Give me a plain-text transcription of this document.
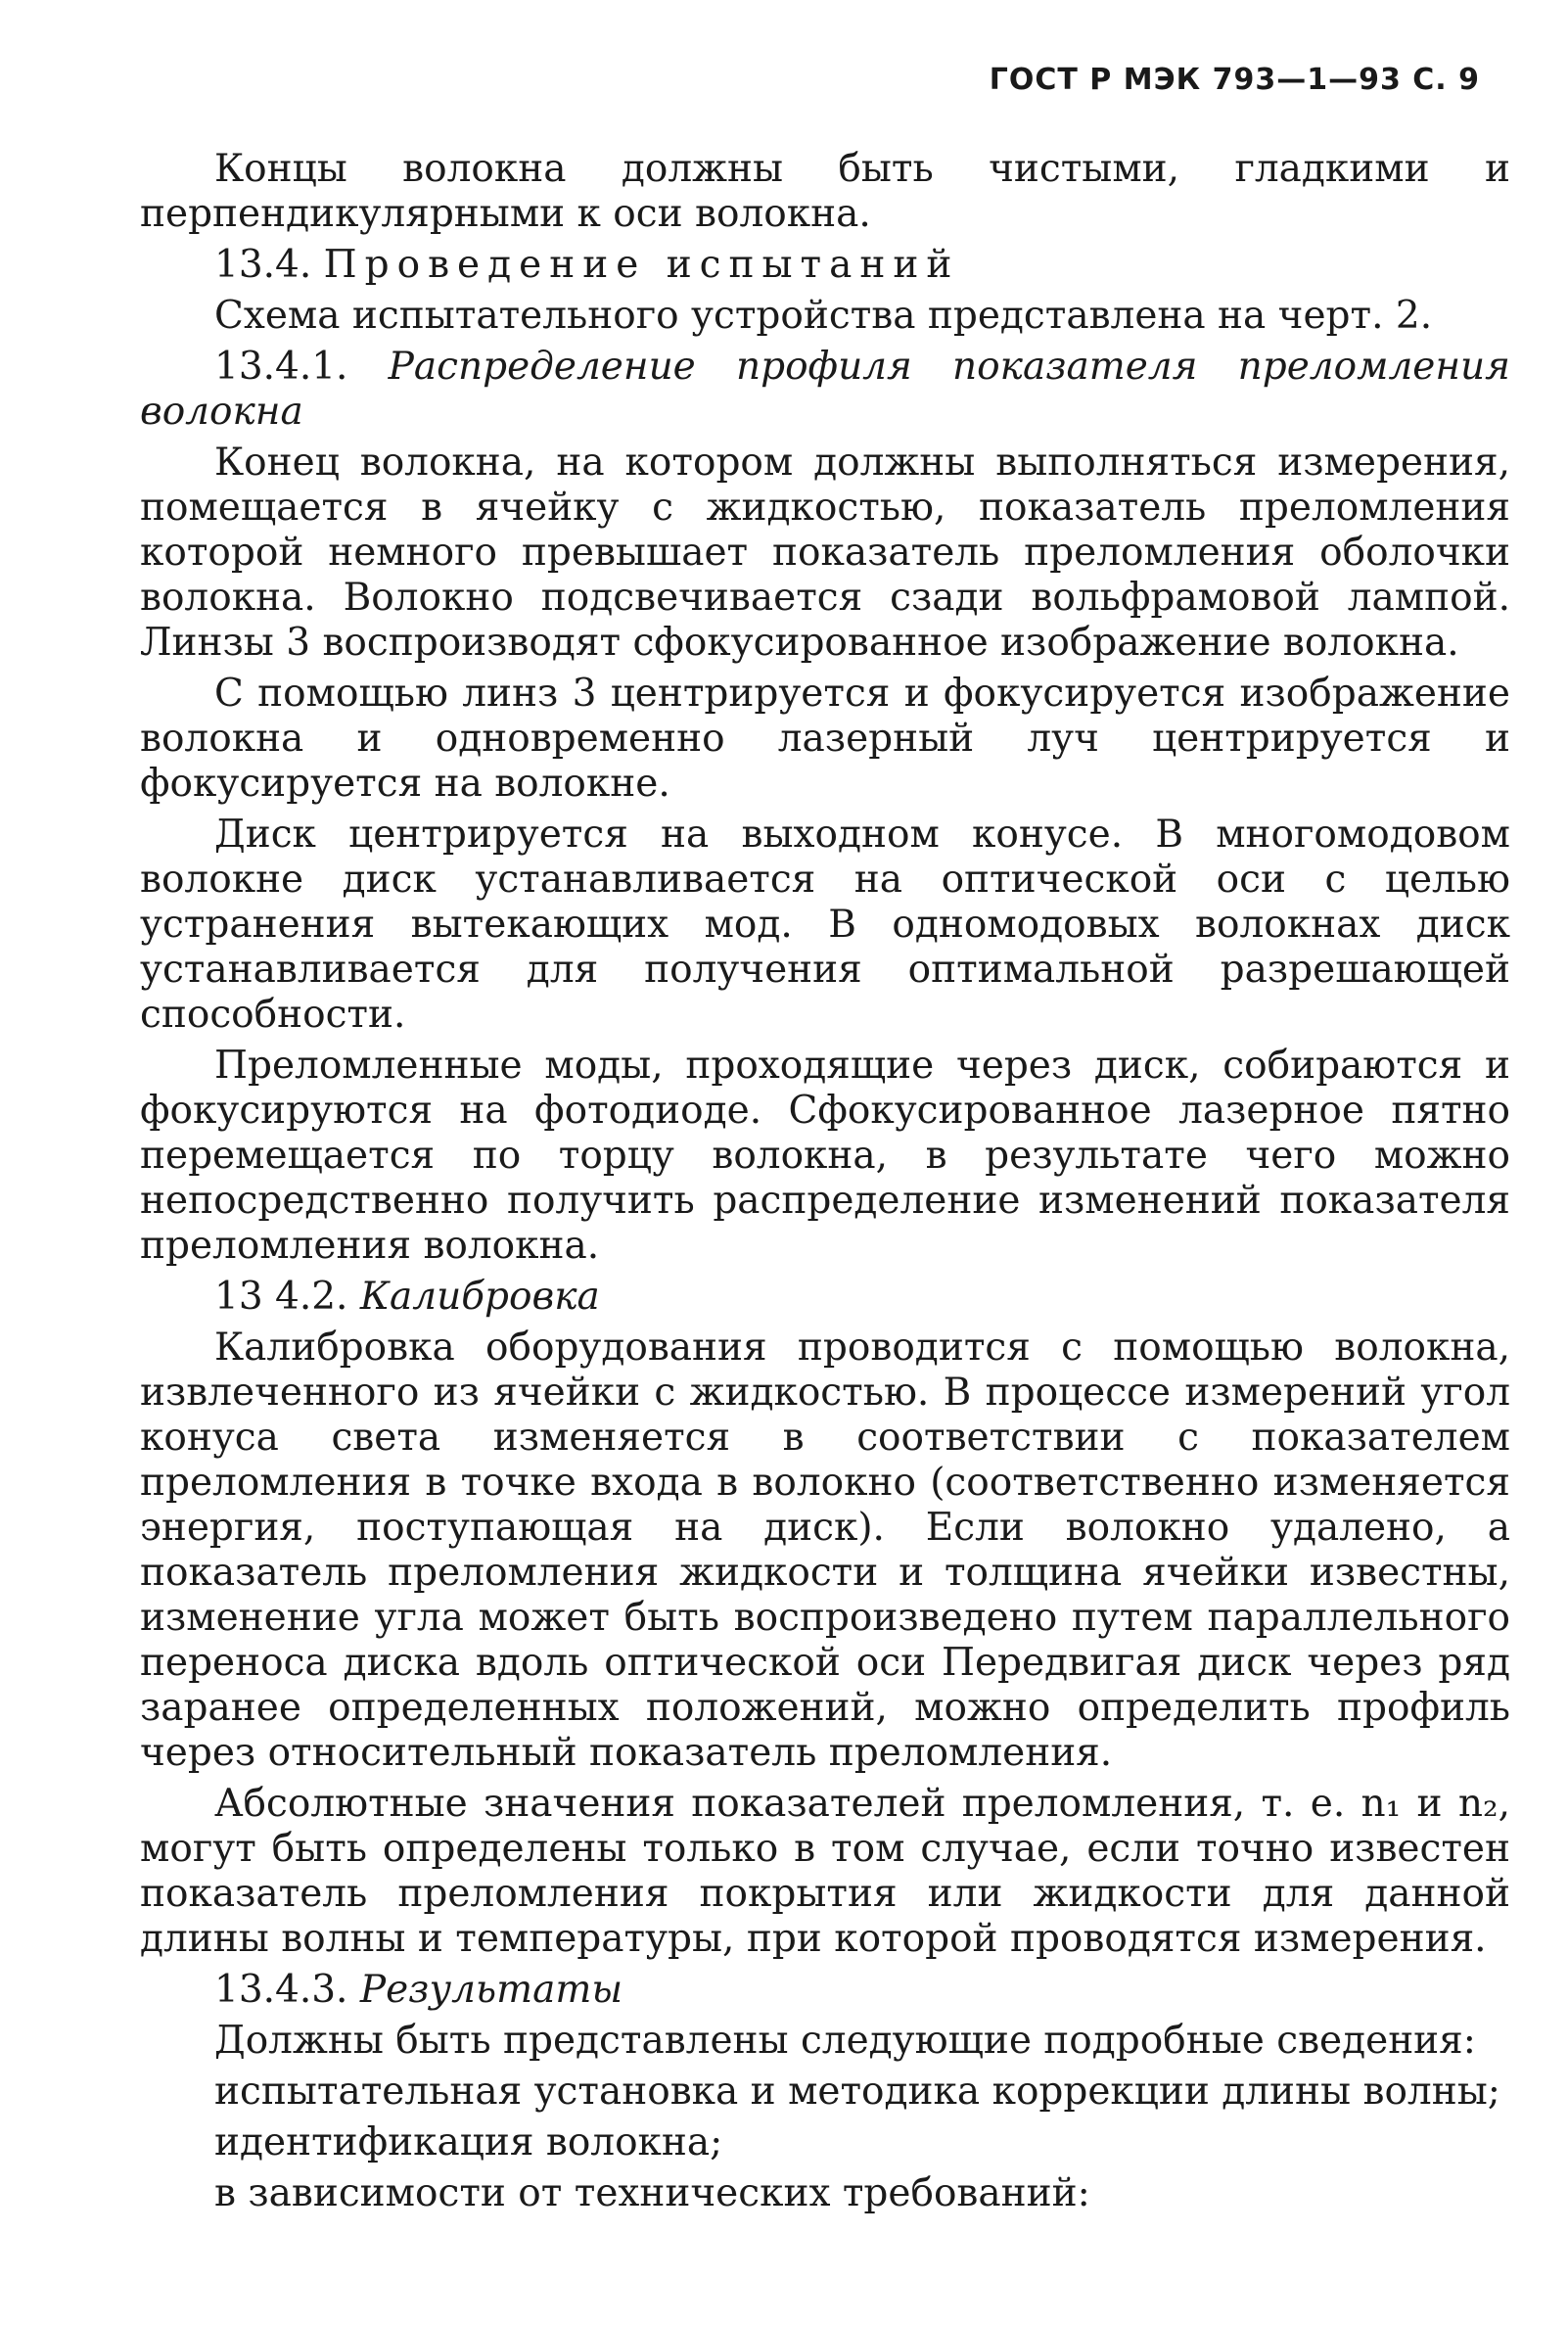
ГОСТ Р МЭК 793—1—93 С. 9

Концы волокна должны быть чистыми, гладкими и перпендикулярными к оси волокна.

13.4. Проведение испытаний

Схема испытательного устройства представлена на черт. 2.

13.4.1. Распределение профиля показателя преломления волокна

Конец волокна, на котором должны выполняться измерения, помещается в ячейку с жидкостью, показатель преломления которой немного превышает показатель преломления оболочки волокна. Волокно подсвечивается сзади вольфрамовой лампой. Линзы 3 воспроизводят сфокусированное изображение волокна.

С помощью линз 3 центрируется и фокусируется изображение волокна и одновременно лазерный луч центрируется и фокусируется на волокне.

Диск центрируется на выходном конусе. В многомодовом волокне диск устанавливается на оптической оси с целью устранения вытекающих мод. В одномодовых волокнах диск устанавливается для получения оптимальной разрешающей способности.

Преломленные моды, проходящие через диск, собираются и фокусируются на фотодиоде. Сфокусированное лазерное пятно перемещается по торцу волокна, в результате чего можно непосредственно получить распределение изменений показателя преломления волокна.

13 4.2. Калибровка

Калибровка оборудования проводится с помощью волокна, извлеченного из ячейки с жидкостью. В процессе измерений угол конуса света изменяется в соответствии с показателем преломления в точке входа в волокно (соответственно изменяется энергия, поступающая на диск). Если волокно удалено, а показатель преломления жидкости и толщина ячейки известны, изменение угла может быть воспроизведено путем параллельного переноса диска вдоль оптической оси Передвигая диск через ряд заранее определенных положений, можно определить профиль через относительный показатель преломления.

Абсолютные значения показателей преломления, т. е. n₁ и n₂, могут быть определены только в том случае, если точно известен показатель преломления покрытия или жидкости для данной длины волны и температуры, при которой проводятся измерения.

13.4.3. Результаты

Должны быть представлены следующие подробные сведения:

испытательная установка и методика коррекции длины волны;

идентификация волокна;

в зависимости от технических требований:
